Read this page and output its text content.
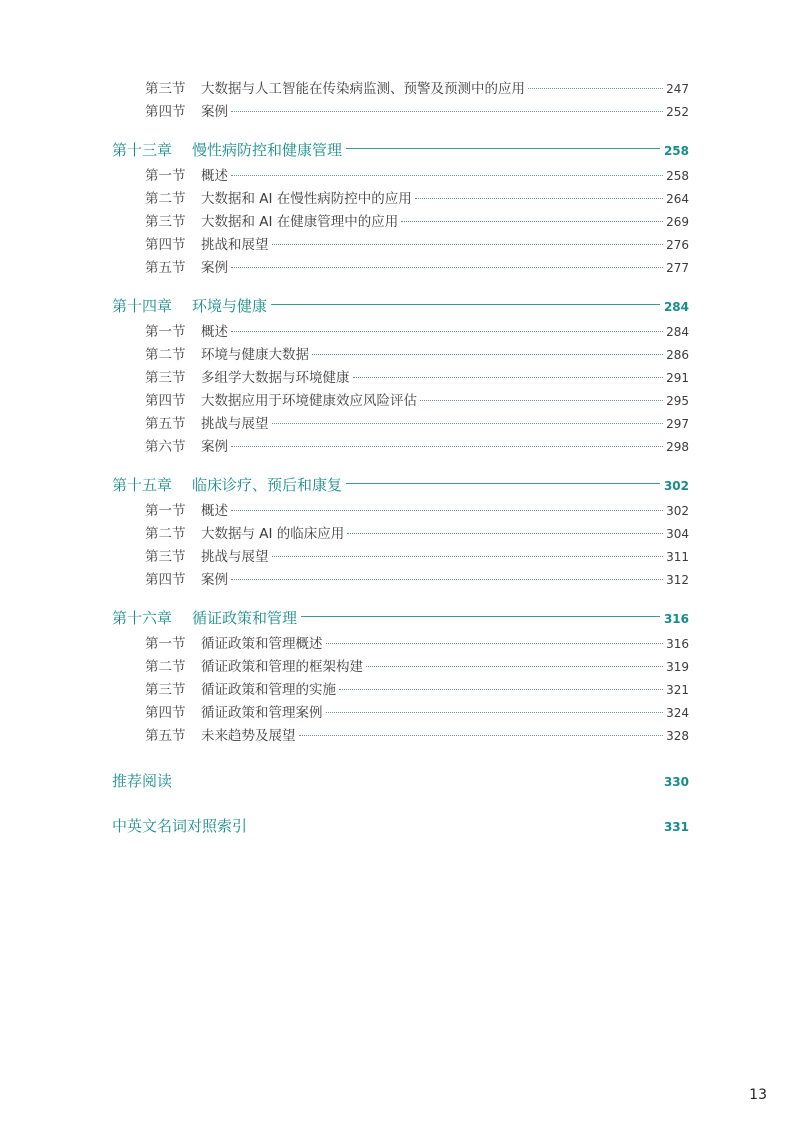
第三节	大数据与人工智能在传染病监测、预警及预测中的应用	247
第四节	案例	252
第十三章	慢性病防控和健康管理	258
第一节	概述	258
第二节	大数据和 AI 在慢性病防控中的应用	264
第三节	大数据和 AI 在健康管理中的应用	269
第四节	挑战和展望	276
第五节	案例	277
第十四章	环境与健康	284
第一节	概述	284
第二节	环境与健康大数据	286
第三节	多组学大数据与环境健康	291
第四节	大数据应用于环境健康效应风险评估	295
第五节	挑战与展望	297
第六节	案例	298
第十五章	临床诊疗、预后和康复	302
第一节	概述	302
第二节	大数据与 AI 的临床应用	304
第三节	挑战与展望	311
第四节	案例	312
第十六章	循证政策和管理	316
第一节	循证政策和管理概述	316
第二节	循证政策和管理的框架构建	319
第三节	循证政策和管理的实施	321
第四节	循证政策和管理案例	324
第五节	未来趋势及展望	328
推荐阅读	330
中英文名词对照索引	331
13
